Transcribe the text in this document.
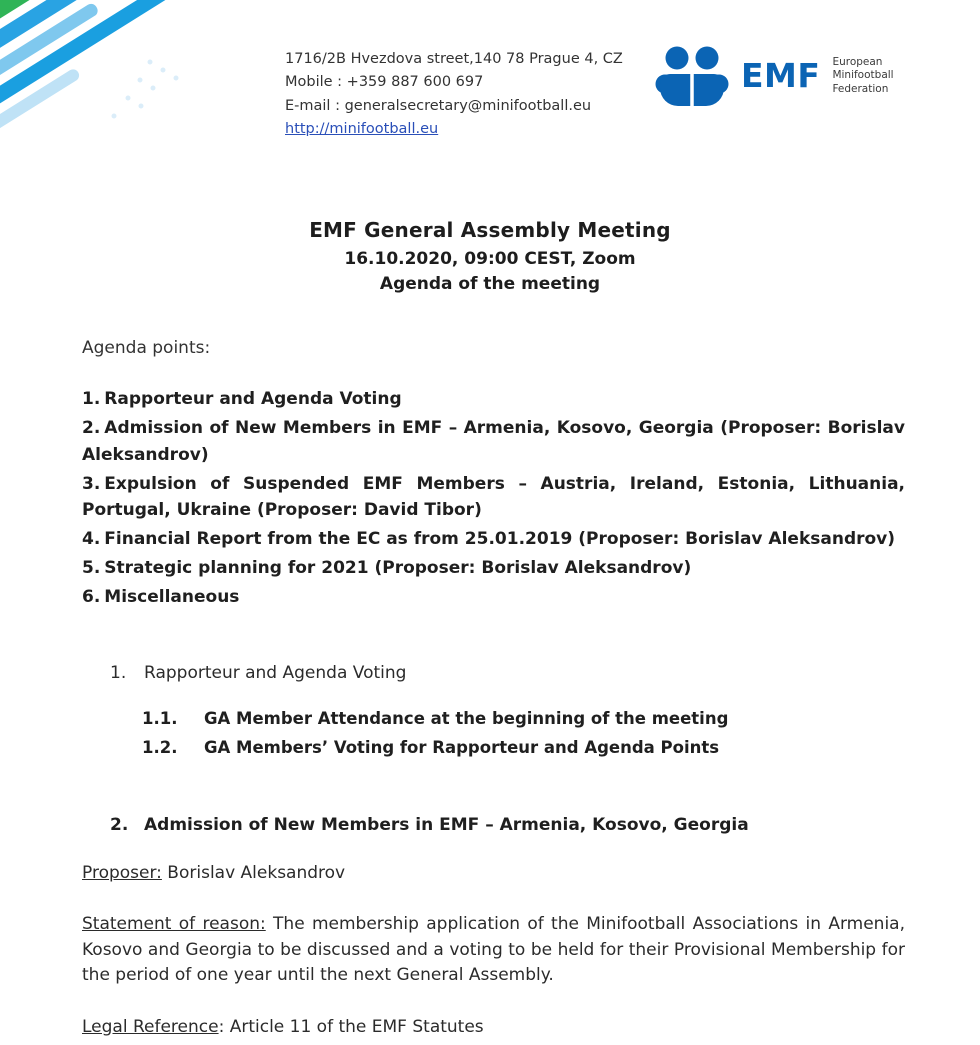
1716/2B Hvezdova street,140 78 Prague 4, CZ
Mobile : +359 887 600 697
E-mail : generalsecretary@minifootball.eu
http://minifootball.eu
EMF European
Minifootball
Federation
EMF General Assembly Meeting
16.10.2020, 09:00 CEST, Zoom
Agenda of the meeting
Agenda points:
1. Rapporteur and Agenda Voting
2. Admission of New Members in EMF – Armenia, Kosovo, Georgia (Proposer: Borislav Aleksandrov)
3. Expulsion of Suspended EMF Members – Austria, Ireland, Estonia, Lithuania, Portugal, Ukraine (Proposer: David Tibor)
4. Financial Report from the EC as from 25.01.2019 (Proposer: Borislav Aleksandrov)
5. Strategic planning for 2021 (Proposer: Borislav Aleksandrov)
6. Miscellaneous
1. Rapporteur and Agenda Voting
1.1. GA Member Attendance at the beginning of the meeting
1.2. GA Members’ Voting for Rapporteur and Agenda Points
2. Admission of New Members in EMF – Armenia, Kosovo, Georgia
Proposer: Borislav Aleksandrov
Statement of reason: The membership application of the Minifootball Associations in Armenia, Kosovo and Georgia to be discussed and a voting to be held for their Provisional Membership for the period of one year until the next General Assembly.
Legal Reference: Article 11 of the EMF Statutes
